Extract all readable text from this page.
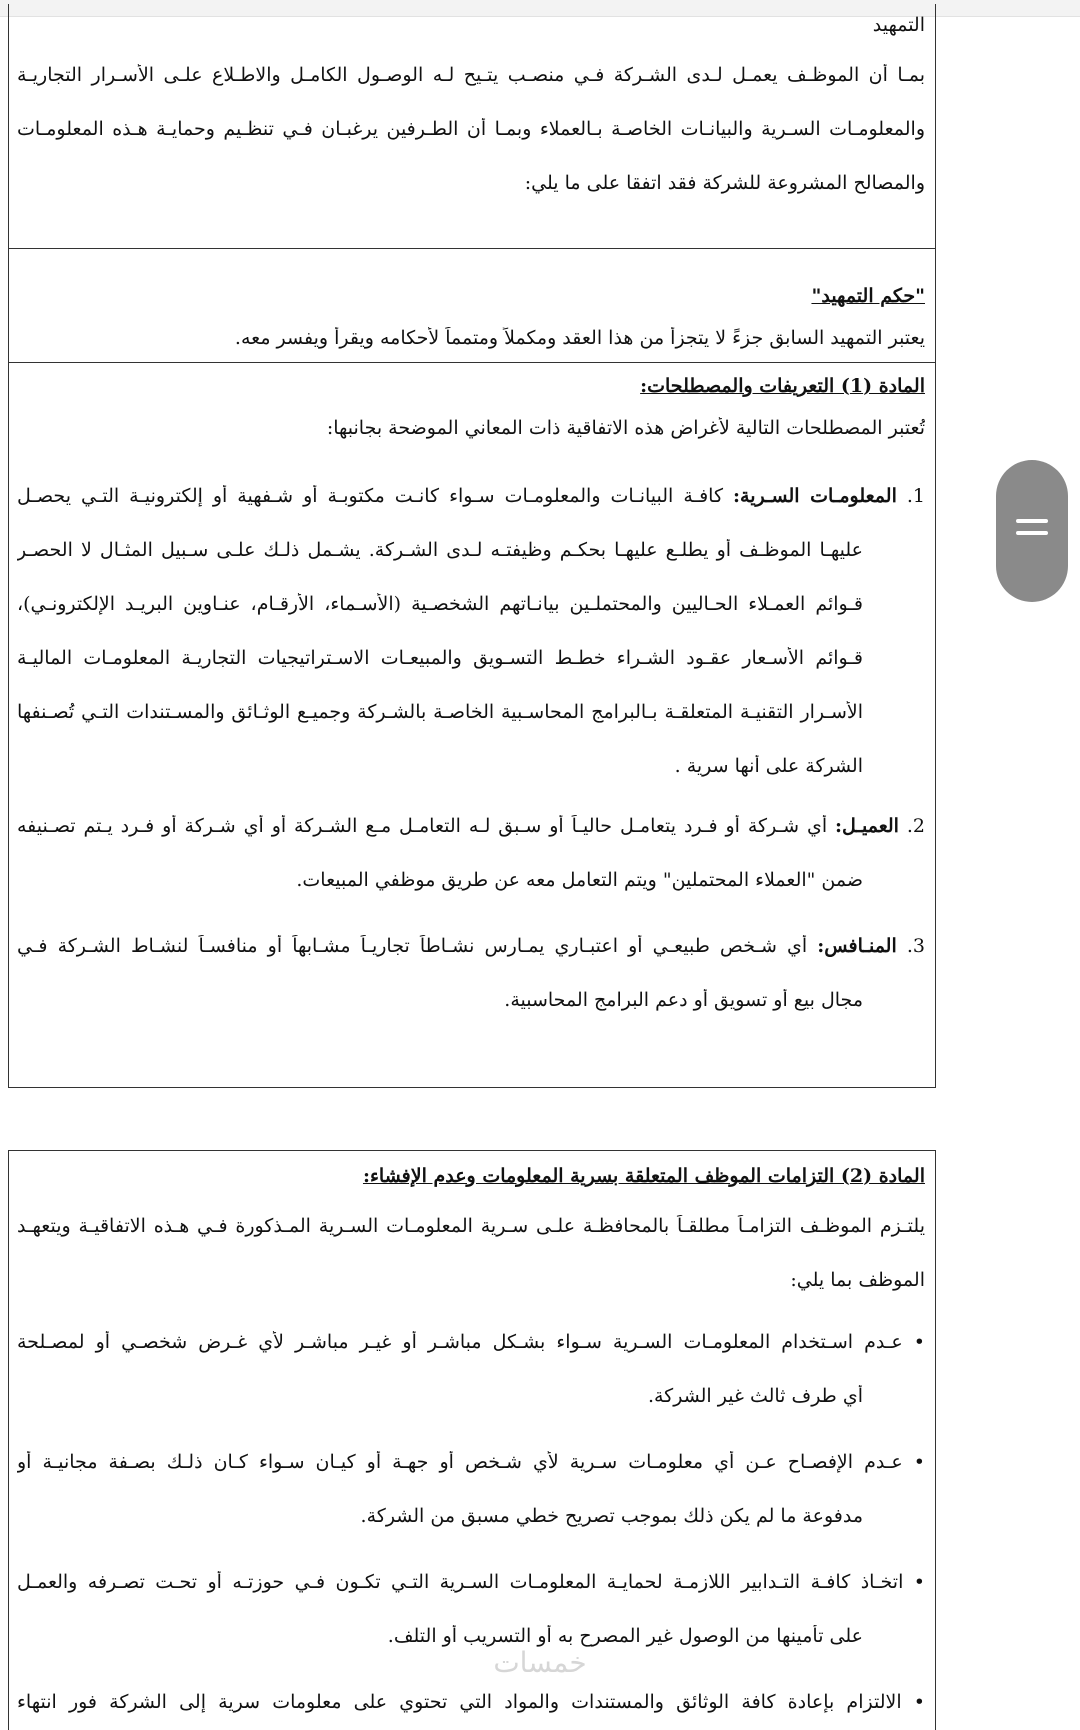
التمهيد
بمـا أن الموظـف يعمـل لـدى الشـركة فـي منصـب يتـيح لـه الوصـول الكامـل والاطـلاع علـى الأسـرار التجاريـة
والمعلومـات السـرية والبيانـات الخاصـة بـالعملاء وبمـا أن الطـرفين يرغبـان فـي تنظـيم وحمايـة هـذه المعلومـات
والمصالح المشروعة للشركة فقد اتفقا على ما يلي:
"حكم التمهيد"
يعتبر التمهيد السابق جزءً لا يتجزأ من هذا العقد ومكملاً ومتمماً لأحكامه ويقرأ ويفسر معه.
المادة (1) التعريفات والمصطلحات:
تُعتبر المصطلحات التالية لأغراض هذه الاتفاقية ذات المعاني الموضحة بجانبها:
1. المعلومـات السـرية: كافـة البيانـات والمعلومـات سـواء كانـت مكتوبـة أو شـفهية أو إلكترونيـة التـي يحصـل
عليهـا الموظـف أو يطلـع عليهـا بحكـم وظيفتـه لـدى الشـركة. يشـمل ذلـك علـى سـبيل المثـال لا الحصـر
قـوائم العمـلاء الحـاليين والمحتملـين بيانـاتهم الشخصـية (الأسـماء، الأرقـام، عنـاوين البريـد الإلكترونـي)،
قـوائم الأسـعار عقـود الشـراء خطـط التسـويق والمبيعـات الاسـتراتيجيات التجاريـة المعلومـات الماليـة
الأسـرار التقنيـة المتعلقـة بـالبرامج المحاسـبية الخاصـة بالشـركة وجميـع الوثـائق والمسـتندات التـي تُصـنفها
الشركة على أنها سرية .
2. العميـل: أي شـركة أو فـرد يتعامـل حاليـاً أو سـبق لـه التعامـل مـع الشـركة أو أي شـركة أو فـرد يـتم تصـنيفه
ضمن "العملاء المحتملين" ويتم التعامل معه عن طريق موظفي المبيعات.
3. المنـافس: أي شـخص طبيعـي أو اعتبـاري يمـارس نشـاطاً تجاريـاً مشـابهاً أو منافسـاً لنشـاط الشـركة فـي
مجال بيع أو تسويق أو دعم البرامج المحاسبية.
المادة (2) التزامات الموظف المتعلقة بسرية المعلومات وعدم الإفشاء:
يلتـزم الموظـف التزامـاً مطلقـاً بالمحافظـة علـى سـرية المعلومـات السـرية المـذكورة فـي هـذه الاتفاقيـة ويتعهـد
الموظف بما يلي:
• عـدم اسـتخدام المعلومـات السـرية سـواء بشـكل مباشـر أو غيـر مباشـر لأي غـرض شخصـي أو لمصـلحة
أي طرف ثالث غير الشركة.
• عـدم الإفصـاح عـن أي معلومـات سـرية لأي شـخص أو جهـة أو كيـان سـواء كـان ذلـك بصـفة مجانيـة أو
مدفوعة ما لم يكن ذلك بموجب تصريح خطي مسبق من الشركة.
• اتخـاذ كافـة التـدابير اللازمـة لحمايـة المعلومـات السـرية التـي تكـون فـي حوزتـه أو تحـت تصـرفه والعمـل
على تأمينها من الوصول غير المصرح به أو التسريب أو التلف.
• الالتزام بإعادة كافة الوثائق والمستندات والمواد التي تحتوي على معلومات سرية إلى الشركة فور انتهاء
خمسات
